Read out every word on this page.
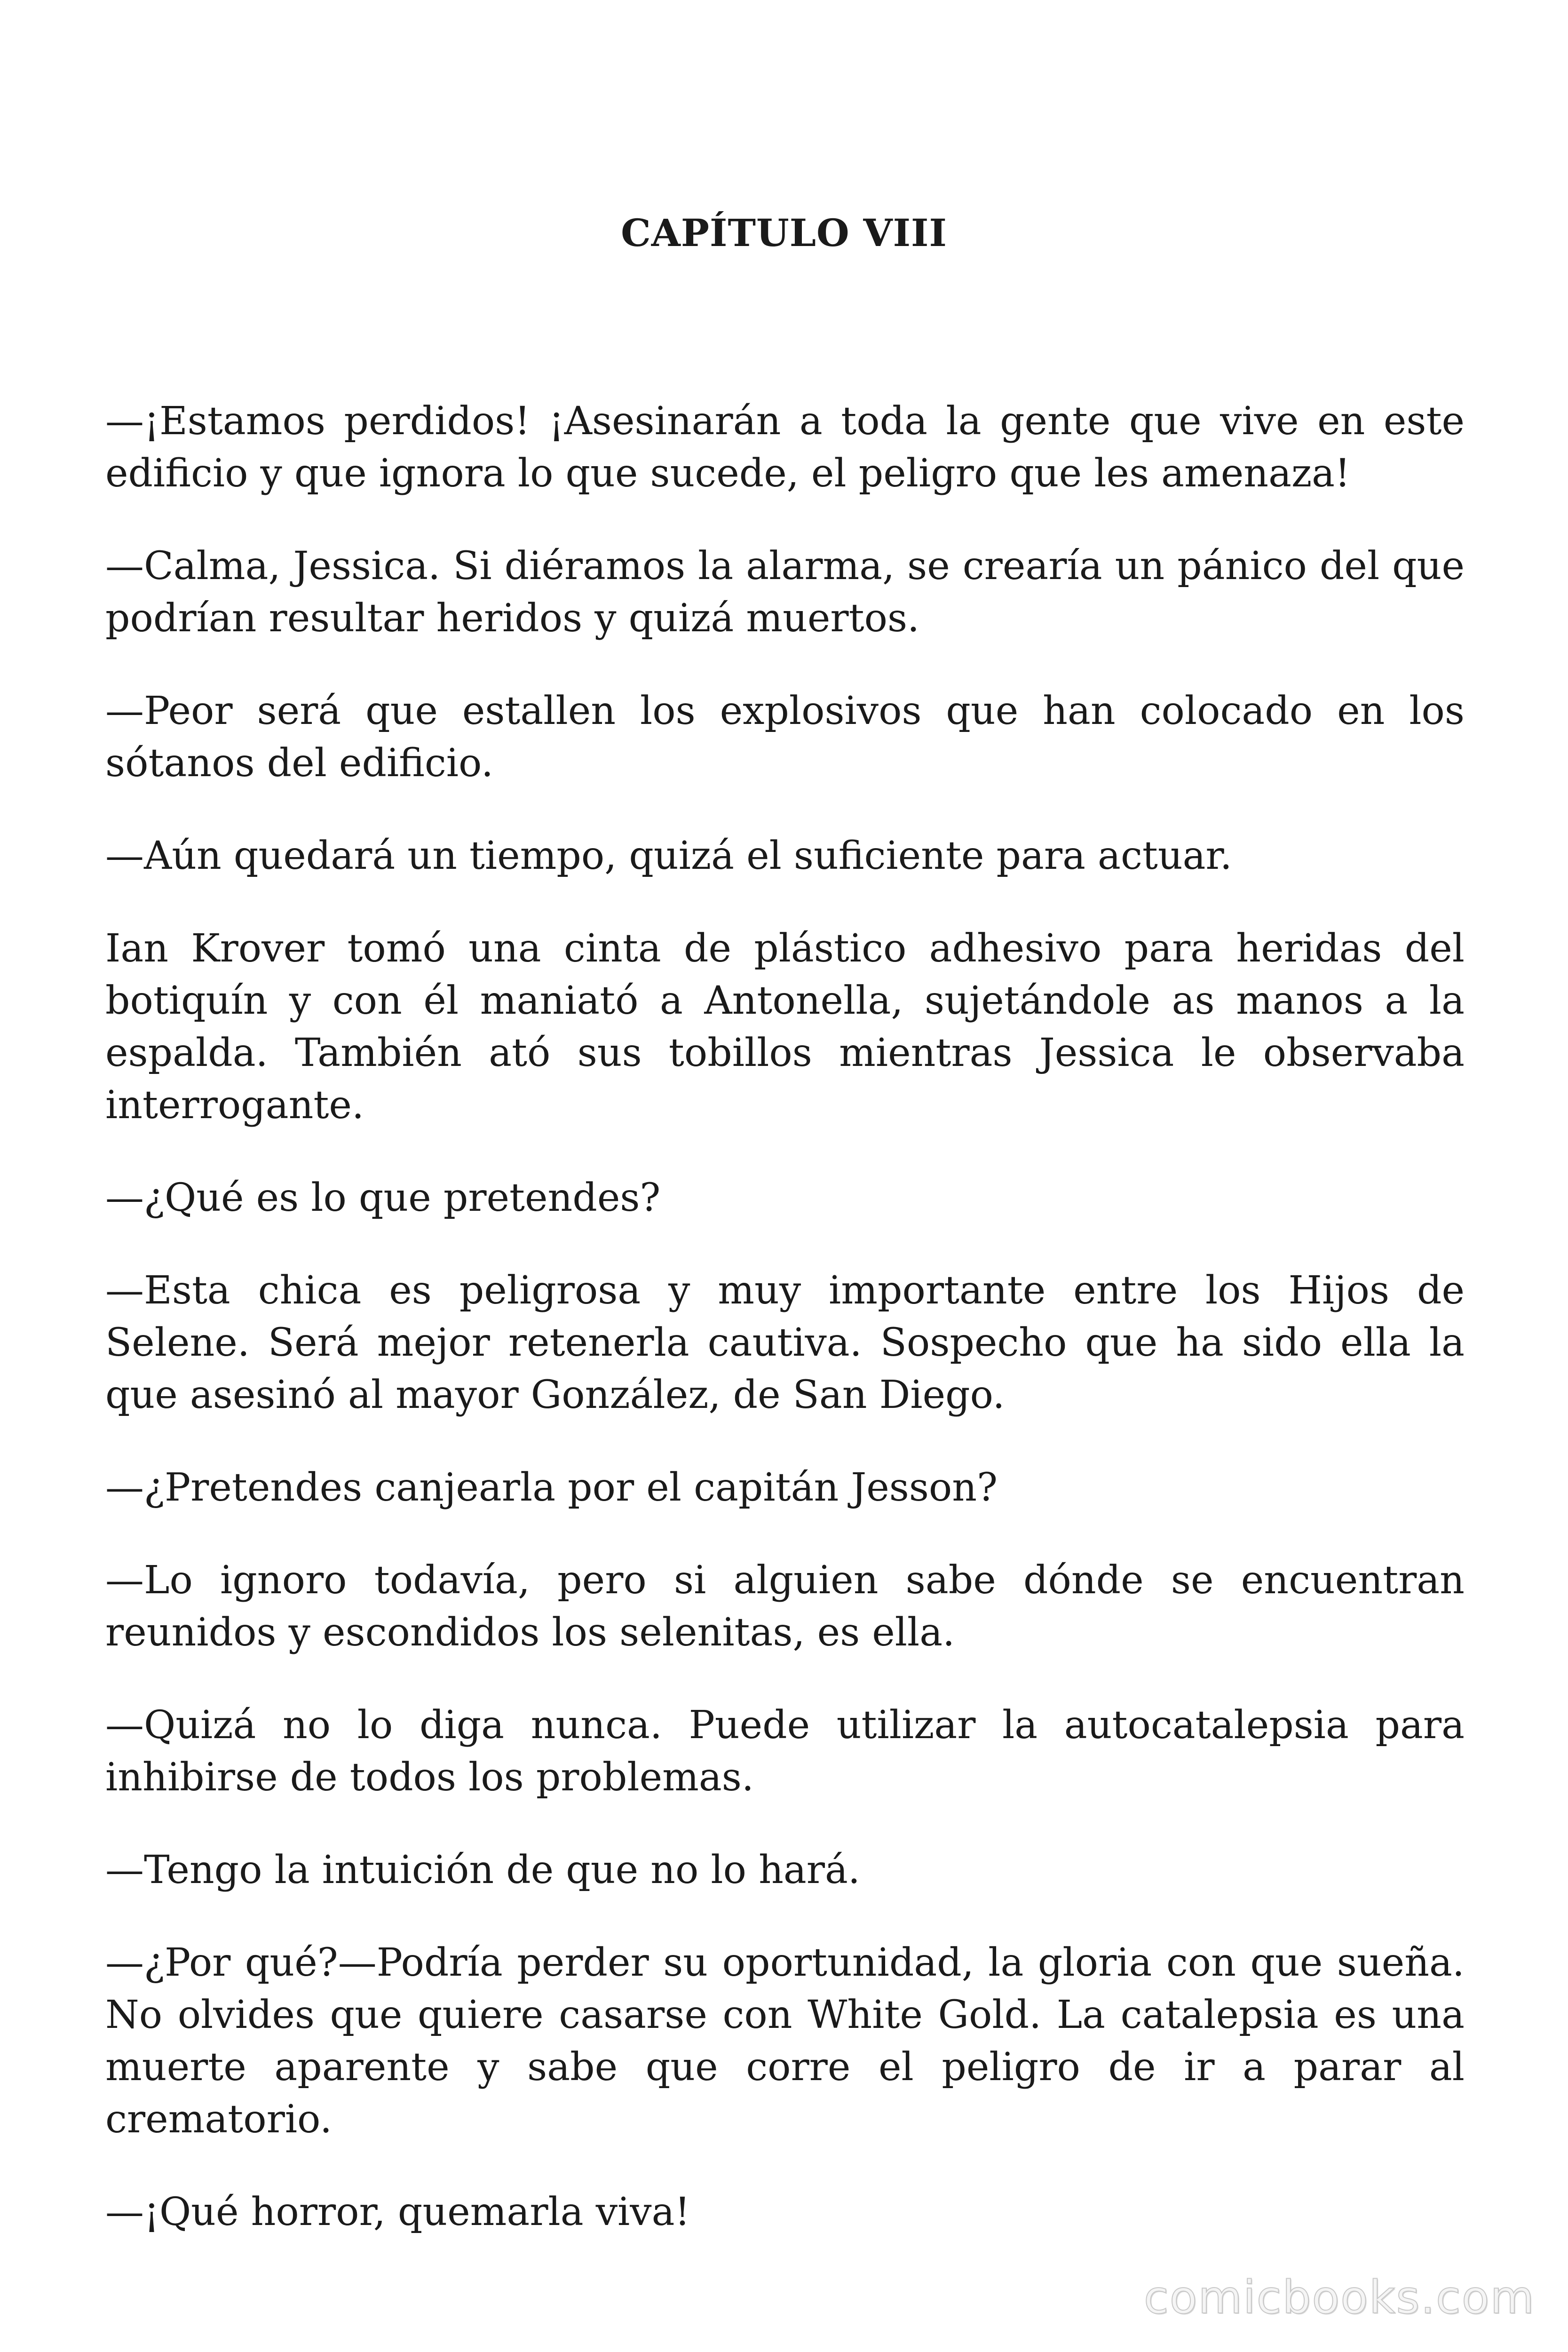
CAPÍTULO VIII

—¡Estamos perdidos! ¡Asesinarán a toda la gente que vive en este edificio y que ignora lo que sucede, el peligro que les amenaza!

—Calma, Jessica. Si diéramos la alarma, se crearía un pánico del que podrían resultar heridos y quizá muertos.

—Peor será que estallen los explosivos que han colocado en los sótanos del edificio.

—Aún quedará un tiempo, quizá el suficiente para actuar.

Ian Krover tomó una cinta de plástico adhesivo para heridas del botiquín y con él maniató a Antonella, sujetándole as manos a la espalda. También ató sus tobillos mientras Jessica le observaba interrogante.

—¿Qué es lo que pretendes?

—Esta chica es peligrosa y muy importante entre los Hijos de Selene. Será mejor retenerla cautiva. Sospecho que ha sido ella la que asesinó al mayor González, de San Diego.

—¿Pretendes canjearla por el capitán Jesson?

—Lo ignoro todavía, pero si alguien sabe dónde se encuentran reunidos y escondidos los selenitas, es ella.

—Quizá no lo diga nunca. Puede utilizar la autocatalepsia para inhibirse de todos los problemas.

—Tengo la intuición de que no lo hará.

—¿Por qué?—Podría perder su oportunidad, la gloria con que sueña. No olvides que quiere casarse con White Gold. La catalepsia es una muerte aparente y sabe que corre el peligro de ir a parar al crematorio.

—¡Qué horror, quemarla viva!

comicbooks.com
